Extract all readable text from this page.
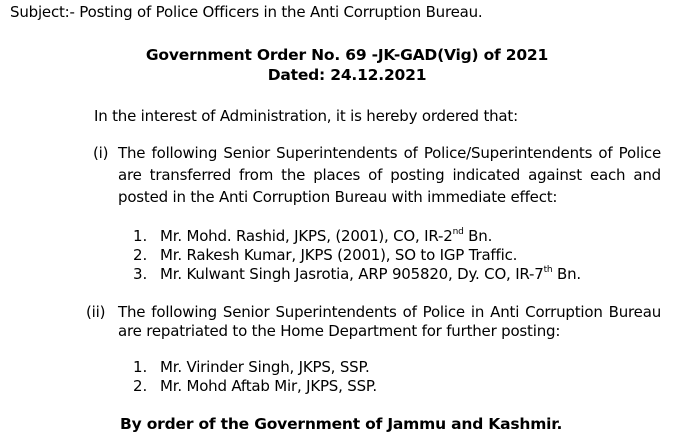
Subject:- Posting of Police Officers in the Anti Corruption Bureau.
Government Order No. 69 -JK-GAD(Vig) of 2021
Dated: 24.12.2021
In the interest of Administration, it is hereby ordered that:
(i) The following Senior Superintendents of Police/Superintendents of Police
are transferred from the places of posting indicated against each and
posted in the Anti Corruption Bureau with immediate effect:
1. Mr. Mohd. Rashid, JKPS, (2001), CO, IR-2nd Bn.
2. Mr. Rakesh Kumar, JKPS (2001), SO to IGP Traffic.
3. Mr. Kulwant Singh Jasrotia, ARP 905820, Dy. CO, IR-7th Bn.
(ii) The following Senior Superintendents of Police in Anti Corruption Bureau
are repatriated to the Home Department for further posting:
1. Mr. Virinder Singh, JKPS, SSP.
2. Mr. Mohd Aftab Mir, JKPS, SSP.
By order of the Government of Jammu and Kashmir.
